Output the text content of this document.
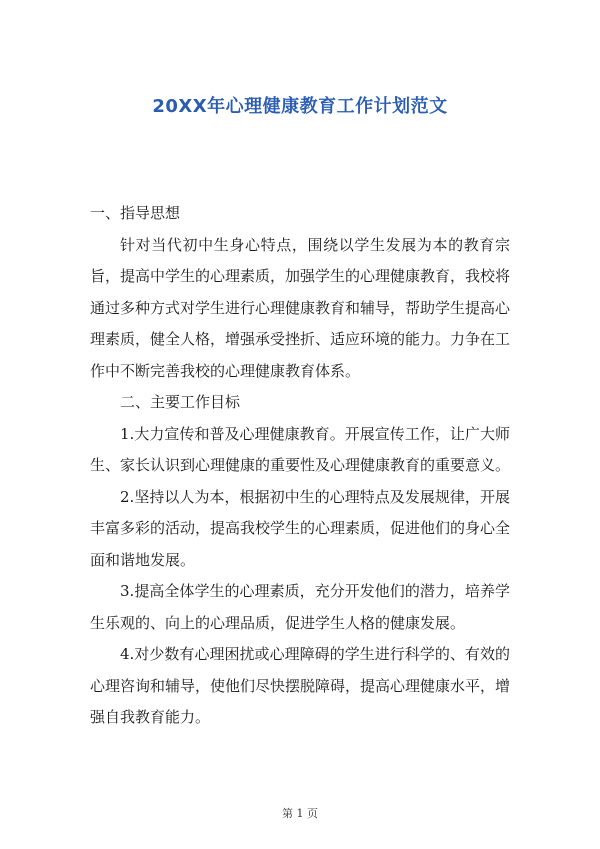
20XX年心理健康教育工作计划范文
一、指导思想

针对当代初中生身心特点，围绕以学生发展为本的教育宗旨，提高中学生的心理素质，加强学生的心理健康教育，我校将通过多种方式对学生进行心理健康教育和辅导，帮助学生提高心理素质，健全人格，增强承受挫折、适应环境的能力。力争在工作中不断完善我校的心理健康教育体系。

二、主要工作目标

1.大力宣传和普及心理健康教育。开展宣传工作，让广大师生、家长认识到心理健康的重要性及心理健康教育的重要意义。

2.坚持以人为本，根据初中生的心理特点及发展规律，开展丰富多彩的活动，提高我校学生的心理素质，促进他们的身心全面和谐地发展。

3.提高全体学生的心理素质，充分开发他们的潜力，培养学生乐观的、向上的心理品质，促进学生人格的健康发展。

4.对少数有心理困扰或心理障碍的学生进行科学的、有效的心理咨询和辅导，使他们尽快摆脱障碍，提高心理健康水平，增强自我教育能力。

第 1 页
